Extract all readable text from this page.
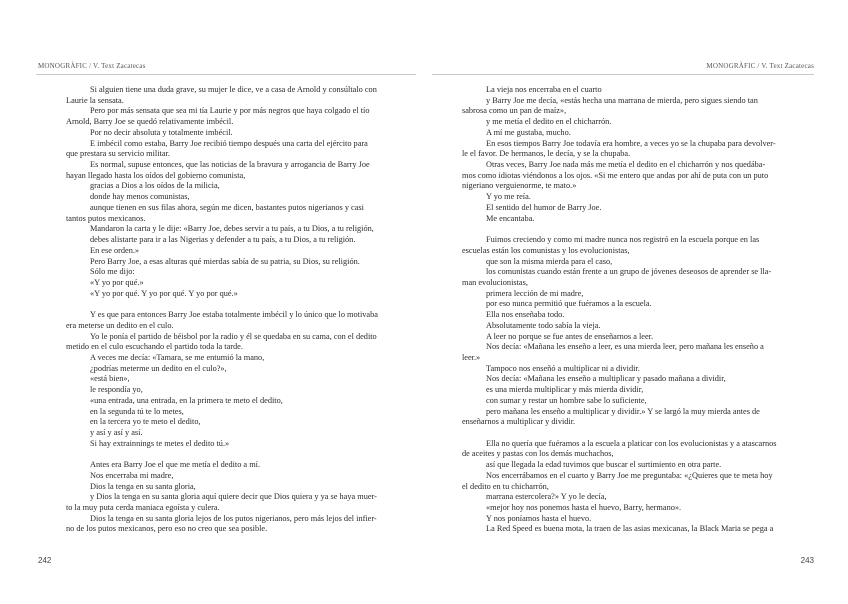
MONOGRÀFIC / V. Text Zacatecas
Si alguien tiene una duda grave, su mujer le dice, ve a casa de Arnold y consúltalo con
Laurie la sensata.
Pero por más sensata que sea mi tía Laurie y por más negros que haya colgado el tío
Arnold, Barry Joe se quedó relativamente imbécil.
Por no decir absoluta y totalmente imbécil.
E imbécil como estaba, Barry Joe recibió tiempo después una carta del ejército para
que prestara su servicio militar.
Es normal, supuse entonces, que las noticias de la bravura y arrogancia de Barry Joe
hayan llegado hasta los oídos del gobierno comunista,
gracias a Dios a los oídos de la milicia,
donde hay menos comunistas,
aunque tienen en sus filas ahora, según me dicen, bastantes putos nigerianos y casi
tantos putos mexicanos.
Mandaron la carta y le dije: «Barry Joe, debes servir a tu país, a tu Dios, a tu religión,
debes alistarte para ir a las Nigerias y defender a tu país, a tu Dios, a tu religión.
En ese orden.»
Pero Barry Joe, a esas alturas qué mierdas sabía de su patria, su Dios, su religión.
Sólo me dijo:
«Y yo por qué.»
«Y yo por qué. Y yo por qué. Y yo por qué.»
Y es que para entonces Barry Joe estaba totalmente imbécil y lo único que lo motivaba
era meterse un dedito en el culo.
Yo le ponía el partido de béisbol por la radio y él se quedaba en su cama, con el dedito
metido en el culo escuchando el partido toda la tarde.
A veces me decía: «Tamara, se me entumió la mano,
¿podrías meterme un dedito en el culo?»,
«está bien»,
le respondía yo,
«una entrada, una entrada, en la primera te meto el dedito,
en la segunda tú te lo metes,
en la tercera yo te meto el dedito,
y así y así y así.
Si hay extrainnings te metes el dedito tú.»
Antes era Barry Joe el que me metía el dedito a mí.
Nos encerraba mi madre,
Dios la tenga en su santa gloria,
y Dios la tenga en su santa gloria aquí quiere decir que Dios quiera y ya se haya muer-
to la muy puta cerda maniaca egoísta y culera.
Dios la tenga en su santa gloria lejos de los putos nigerianos, pero más lejos del infier-
no de los putos mexicanos, pero eso no creo que sea posible.
242
MONOGRÀFIC / V. Text Zacatecas
La vieja nos encerraba en el cuarto
y Barry Joe me decía, «estás hecha una marrana de mierda, pero sigues siendo tan
sabrosa como un pan de maíz»,
y me metía el dedito en el chicharrón.
A mí me gustaba, mucho.
En esos tiempos Barry Joe todavía era hombre, a veces yo se la chupaba para devolver-
le el favor. De hermanos, le decía, y se la chupaba.
Otras veces, Barry Joe nada más me metía el dedito en el chicharrón y nos quedába-
mos como idiotas viéndonos a los ojos. «Si me entero que andas por ahí de puta con un puto
nigeriano verguienorme, te mato.»
Y yo me reía.
El sentido del humor de Barry Joe.
Me encantaba.
Fuimos creciendo y como mi madre nunca nos registró en la escuela porque en las
escuelas están los comunistas y los evolucionistas,
que son la misma mierda para el caso,
los comunistas cuando están frente a un grupo de jóvenes deseosos de aprender se lla-
man evolucionistas,
primera lección de mi madre,
por eso nunca permitió que fuéramos a la escuela.
Ella nos enseñaba todo.
Absolutamente todo sabía la vieja.
A leer no porque se fue antes de enseñarnos a leer.
Nos decía: «Mañana les enseño a leer, es una mierda leer, pero mañana les enseño a
leer.»
Tampoco nos enseñó a multiplicar ni a dividir.
Nos decía: «Mañana les enseño a multiplicar y pasado mañana a dividir,
es una mierda multiplicar y más mierda dividir,
con sumar y restar un hombre sabe lo suficiente,
pero mañana les enseño a multiplicar y dividir.» Y se largó la muy mierda antes de
enseñarnos a multiplicar y dividir.
Ella no quería que fuéramos a la escuela a platicar con los evolucionistas y a atascarnos
de aceites y pastas con los demás muchachos,
así que llegada la edad tuvimos que buscar el surtimiento en otra parte.
Nos encerrábamos en el cuarto y Barry Joe me preguntaba: «¿Quieres que te meta hoy
el dedito en tu chicharrón,
marrana estercolera?» Y yo le decía,
«mejor hoy nos ponemos hasta el huevo, Barry, hermano».
Y nos poníamos hasta el huevo.
La Red Speed es buena mota, la traen de las asias mexicanas, la Black Maria se pega a
243
